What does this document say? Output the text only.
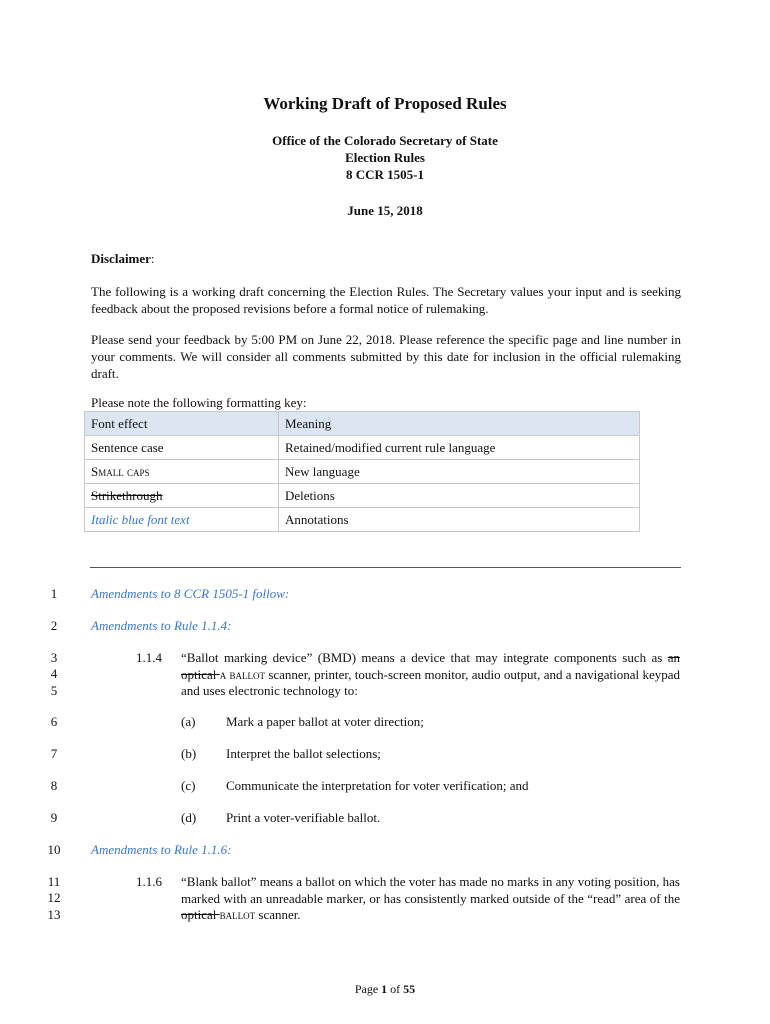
Working Draft of Proposed Rules
Office of the Colorado Secretary of State
Election Rules
8 CCR 1505-1
June 15, 2018
Disclaimer:
The following is a working draft concerning the Election Rules. The Secretary values your input and is seeking feedback about the proposed revisions before a formal notice of rulemaking.
Please send your feedback by 5:00 PM on June 22, 2018. Please reference the specific page and line number in your comments. We will consider all comments submitted by this date for inclusion in the official rulemaking draft.
Please note the following formatting key:
Font effect	Meaning
Sentence case	Retained/modified current rule language
Small caps	New language
Strikethrough	Deletions
Italic blue font text	Annotations
1
2
3
4
5
6
7
8
9
10
11
12
13
Amendments to 8 CCR 1505-1 follow:
Amendments to Rule 1.1.4:
1.1.4 “Ballot marking device” (BMD) means a device that may integrate components such as an optical a ballot scanner, printer, touch-screen monitor, audio output, and a navigational keypad and uses electronic technology to:
(a) Mark a paper ballot at voter direction;
(b) Interpret the ballot selections;
(c) Communicate the interpretation for voter verification; and
(d) Print a voter-verifiable ballot.
Amendments to Rule 1.1.6:
1.1.6 “Blank ballot” means a ballot on which the voter has made no marks in any voting position, has marked with an unreadable marker, or has consistently marked outside of the “read” area of the optical ballot scanner.
Page 1 of 55
